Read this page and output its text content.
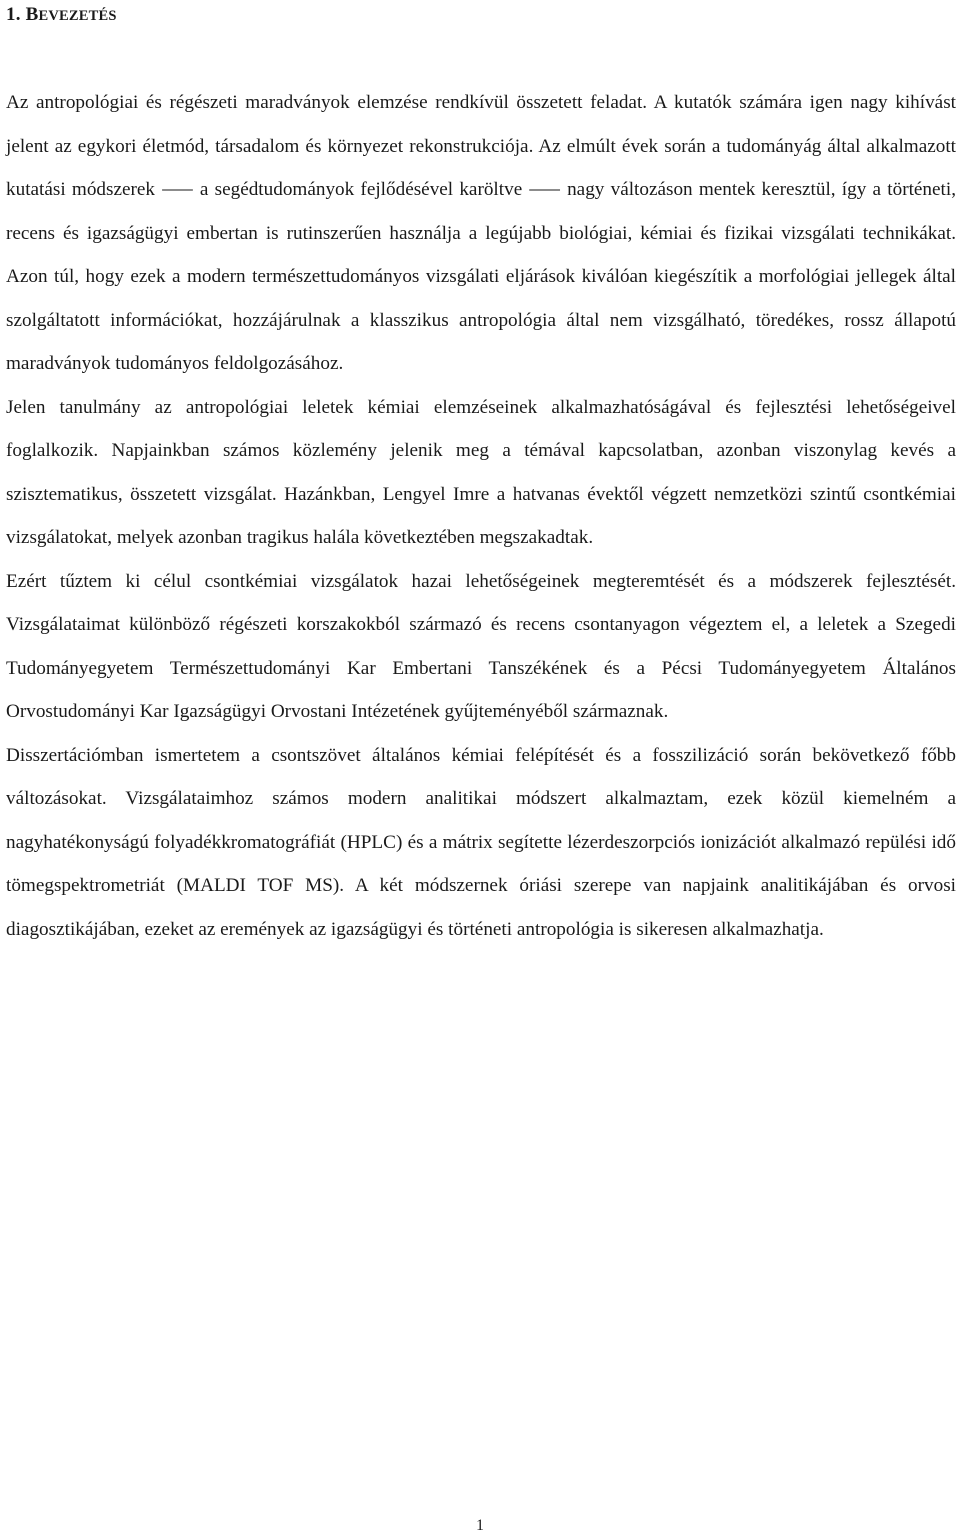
1. BEVEZETÉS

Az antropológiai és régészeti maradványok elemzése rendkívül összetett feladat. A kutatók számára igen nagy kihívást jelent az egykori életmód, társadalom és környezet rekonstrukciója. Az elmúlt évek során a tudományág által alkalmazott kutatási módszerek ⸺ a segédtudományok fejlődésével karöltve ⸺ nagy változáson mentek keresztül, így a történeti, recens és igazságügyi embertan is rutinszerűen használja a legújabb biológiai, kémiai és fizikai vizsgálati technikákat. Azon túl, hogy ezek a modern természettudományos vizsgálati eljárások kiválóan kiegészítik a morfológiai jellegek által szolgáltatott információkat, hozzájárulnak a klasszikus antropológia által nem vizsgálható, töredékes, rossz állapotú maradványok tudományos feldolgozásához.

Jelen tanulmány az antropológiai leletek kémiai elemzéseinek alkalmazhatóságával és fejlesztési lehetőségeivel foglalkozik. Napjainkban számos közlemény jelenik meg a témával kapcsolatban, azonban viszonylag kevés a szisztematikus, összetett vizsgálat. Hazánkban, Lengyel Imre a hatvanas évektől végzett nemzetközi szintű csontkémiai vizsgálatokat, melyek azonban tragikus halála következtében megszakadtak.

Ezért tűztem ki célul csontkémiai vizsgálatok hazai lehetőségeinek megteremtését és a módszerek fejlesztését. Vizsgálataimat különböző régészeti korszakokból származó és recens csontanyagon végeztem el, a leletek a Szegedi Tudományegyetem Természettudományi Kar Embertani Tanszékének és a Pécsi Tudományegyetem Általános Orvostudományi Kar Igazságügyi Orvostani Intézetének gyűjteményéből származnak.

Disszertációmban ismertetem a csontszövet általános kémiai felépítését és a fosszilizáció során bekövetkező főbb változásokat. Vizsgálataimhoz számos modern analitikai módszert alkalmaztam, ezek közül kiemelném a nagyhatékonyságú folyadékkromatográfiát (HPLC) és a mátrix segítette lézerdeszorpciós ionizációt alkalmazó repülési idő tömegspektrometriát (MALDI TOF MS). A két módszernek óriási szerepe van napjaink analitikájában és orvosi diagosztikájában, ezeket az eremények az igazságügyi és történeti antropológia is sikeresen alkalmazhatja.

1
